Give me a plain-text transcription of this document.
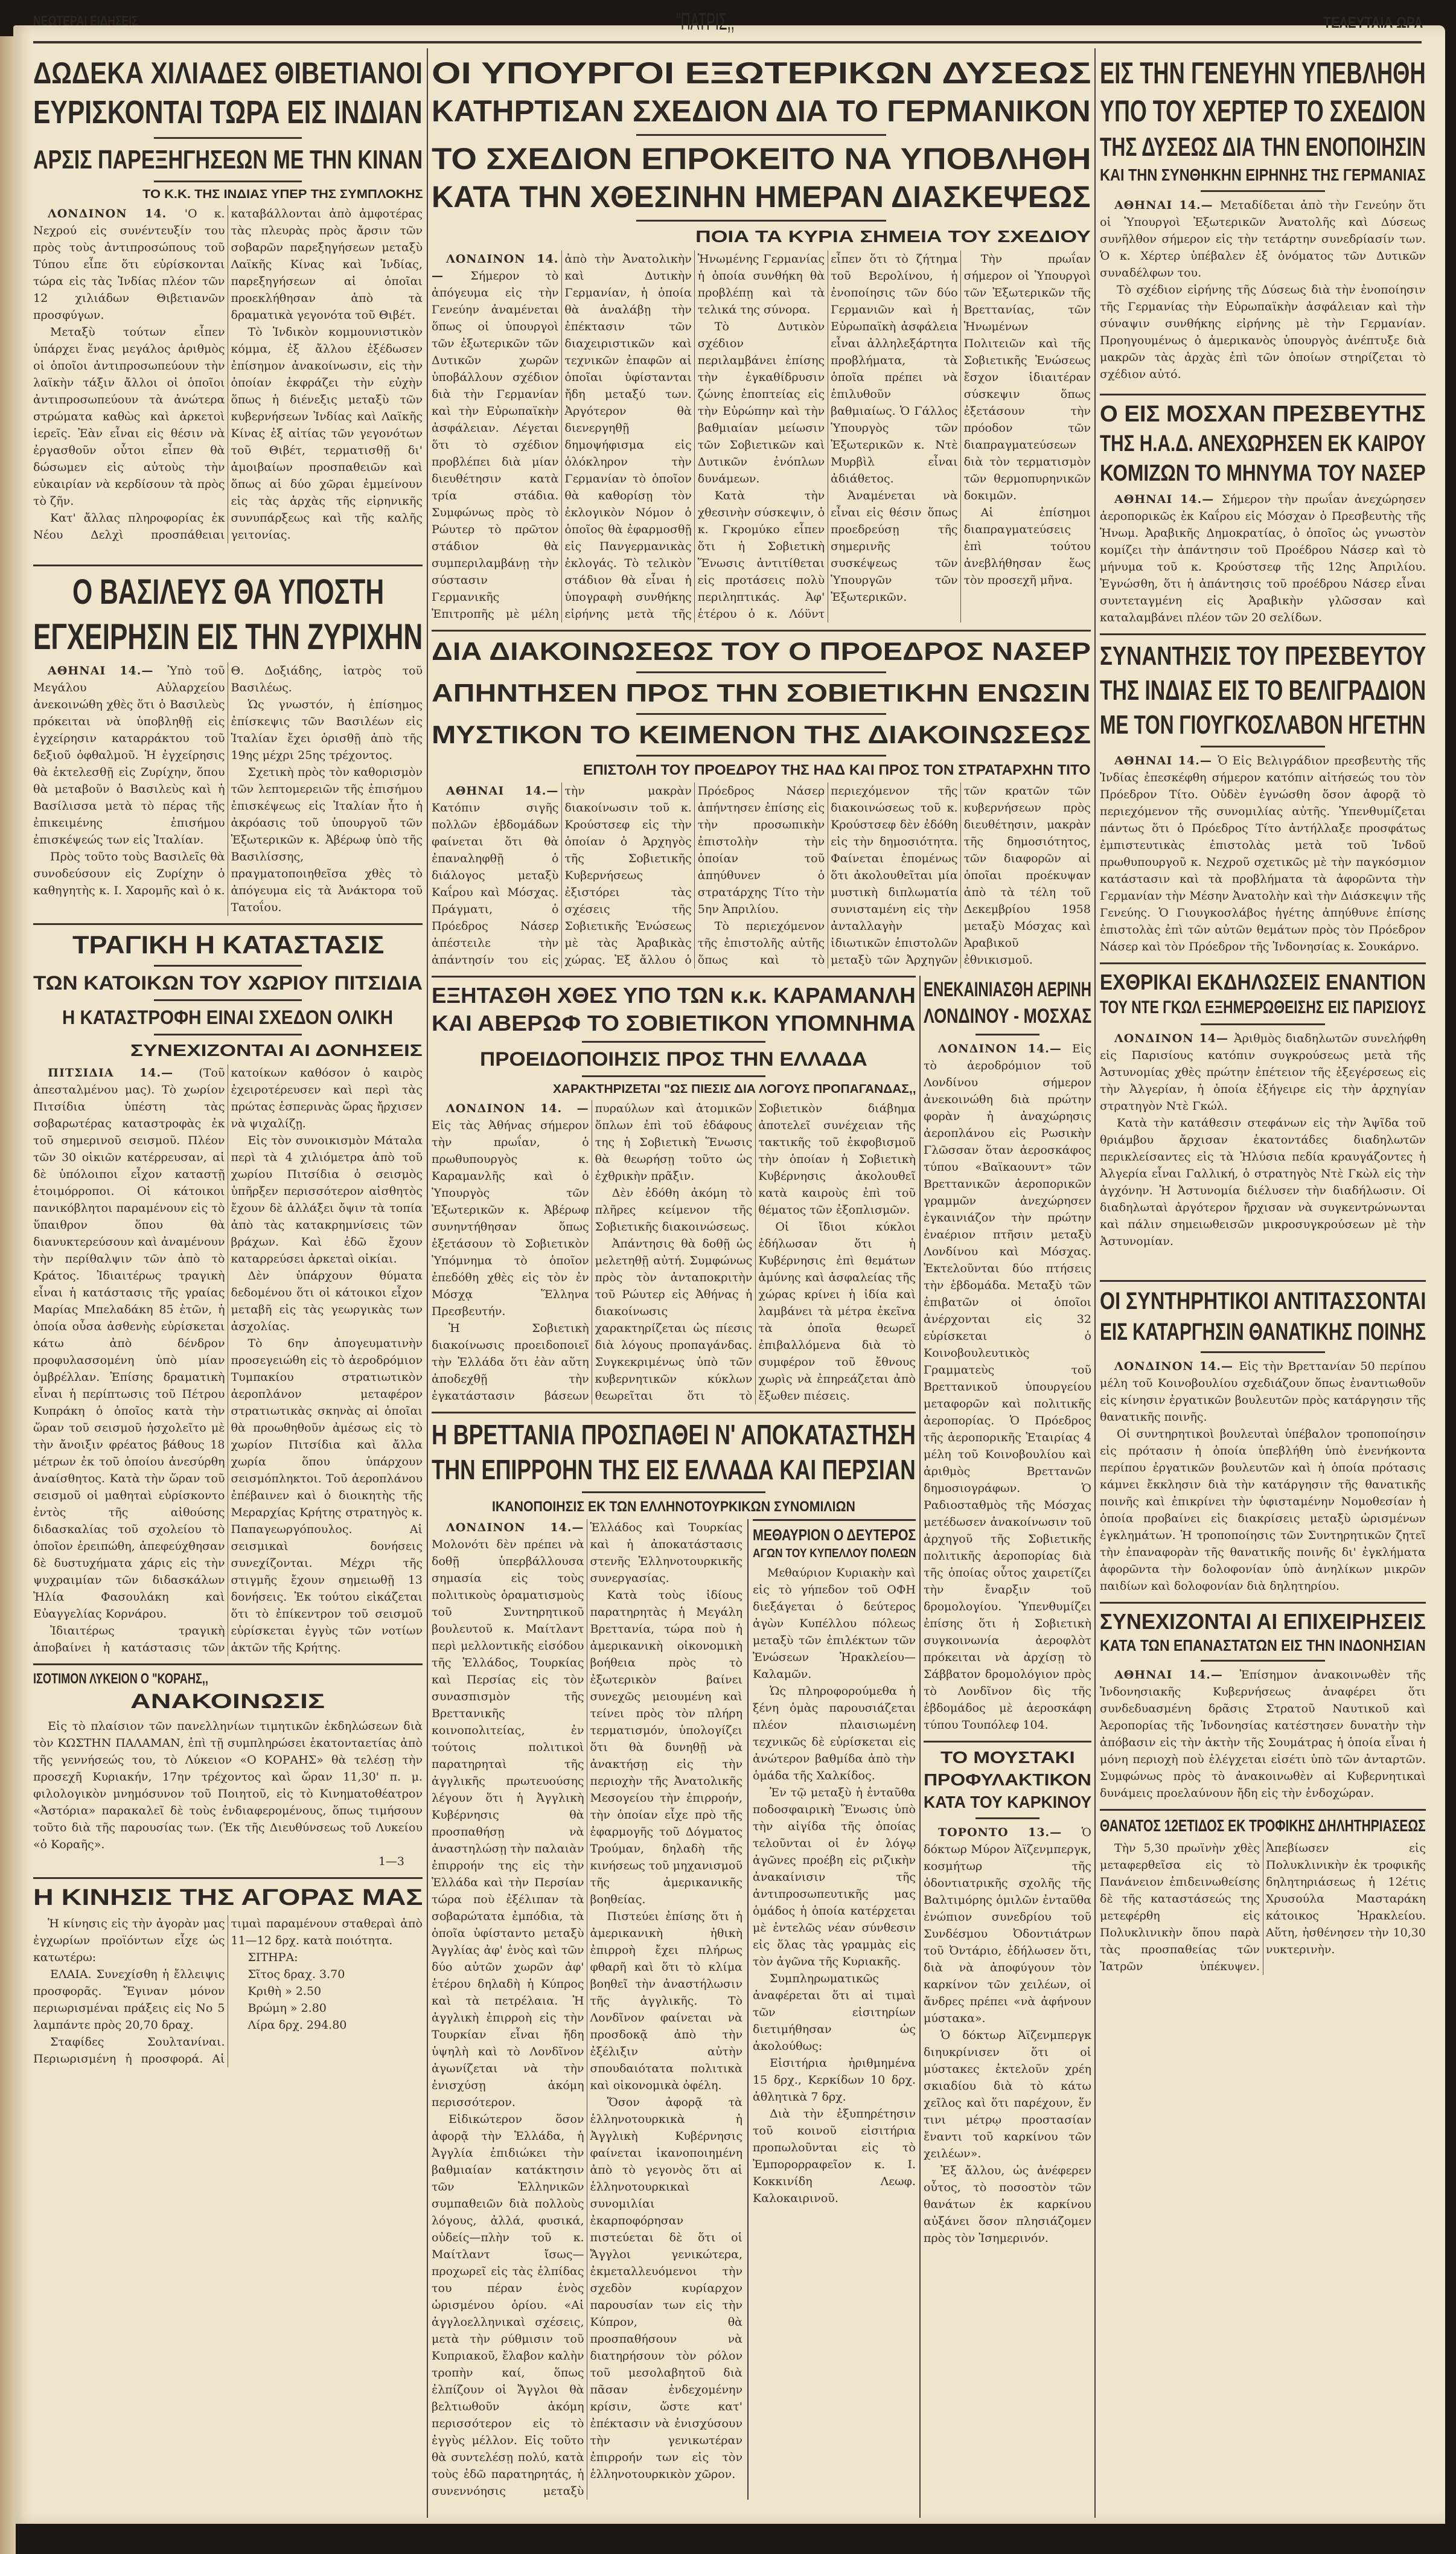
ΝΕΩΤΕΡΑΙ ΕΙΔΗΣΕΙΣ	"ΠΑΤΡΙΣ,,	ΤΕΛΕΥΤΑΙΑ ΩΡΑ
ΔΩΔΕΚΑ ΧΙΛΙΑΔΕΣ ΘΙΒΕΤΙΑΝΟΙ
ΕΥΡΙΣΚΟΝΤΑΙ ΤΩΡΑ ΕΙΣ ΙΝΔΙΑΝ
ΑΡΣΙΣ ΠΑΡΕΞΗΓΗΣΕΩΝ ΜΕ ΤΗΝ ΚΙΝΑΝ
ΤΟ Κ.Κ. ΤΗΣ ΙΝΔΙΑΣ ΥΠΕΡ ΤΗΣ ΣΥΜΠΛΟΚΗΣ

ΛΟΝΔΙΝΟΝ 14. 'Ο κ. Νεχρού εἰς συνέντευξίν του πρὸς τοὺς ἀντιπροσώπους τοῦ Τύπου εἶπε ὅτι εὑρίσκονται τώρα εἰς τὰς Ἰνδίας πλέον τῶν 12 χιλιάδων Θιβετιανῶν προσφύγων.

Μεταξὺ τούτων εἶπεν ὑπάρχει ἕνας μεγάλος ἀριθμὸς οἱ ὁποῖοι ἀντιπροσωπεύουν τὴν λαϊκὴν τάξιν ἄλλοι οἱ ὁποῖοι ἀντιπροσωπεύουν τὰ ἀνώτερα στρώματα καθὼς καὶ ἀρκετοὶ ἱερεῖς. Ἐὰν εἶναι εἰς θέσιν νὰ ἐργασθοῦν οὗτοι εἶπεν θὰ δώσωμεν εἰς αὐτοὺς τὴν εὐκαιρίαν νὰ κερδίσουν τὰ πρὸς τὸ ζῆν.

Κατ' ἄλλας πληροφορίας ἐκ Νέου Δελχὶ προσπάθειαι καταβάλλονται ἀπὸ ἀμφοτέρας τὰς πλευρὰς πρὸς ἄρσιν τῶν σοβαρῶν παρεξηγήσεων μεταξὺ Λαϊκῆς Κίνας καὶ Ἰνδίας, παρεξηγήσεων αἱ ὁποῖαι προεκλήθησαν ἀπὸ τὰ δραματικὰ γεγονότα τοῦ Θιβέτ.

Τὸ Ἰνδικὸν κομμουνιστικὸν κόμμα, ἐξ ἄλλου ἐξέδωσεν ἐπίσημον ἀνακοίνωσιν, εἰς τὴν ὁποίαν ἐκφράζει τὴν εὐχὴν ὅπως ἡ διένεξις μεταξὺ τῶν κυβερνήσεων Ἰνδίας καὶ Λαϊκῆς Κίνας ἐξ αἰτίας τῶν γεγονότων τοῦ Θιβέτ, τερματισθῇ δι' ἀμοιβαίων προσπαθειῶν καὶ ὅπως αἱ δύο χῶραι ἐμμείνουν εἰς τὰς ἀρχὰς τῆς εἰρηνικῆς συνυπάρξεως καὶ τῆς καλῆς γειτονίας.

Ο ΒΑΣΙΛΕΥΣ ΘΑ ΥΠΟΣΤΗ
ΕΓΧΕΙΡΗΣΙΝ ΕΙΣ ΤΗΝ ΖΥΡΙΧΗΝ

ΑΘΗΝΑΙ 14.— Ὑπὸ τοῦ Μεγάλου Αὐλαρχείου ἀνεκοινώθη χθὲς ὅτι ὁ Βασιλεὺς πρόκειται νὰ ὑποβληθῇ εἰς ἐγχείρησιν καταρράκτου τοῦ δεξιοῦ ὀφθαλμοῦ. Ἡ ἐγχείρησις θὰ ἐκτελεσθῇ εἰς Ζυρίχην, ὅπου θὰ μεταβοῦν ὁ Βασιλεὺς καὶ ἡ Βασίλισσα μετὰ τὸ πέρας τῆς ἐπικειμένης ἐπισήμου ἐπισκέψεώς των εἰς Ἰταλίαν.

Πρὸς τοῦτο τοὺς Βασιλεῖς θὰ συνοδεύσουν εἰς Ζυρίχην ὁ καθηγητὴς κ. Ι. Χαρομῆς καὶ ὁ κ. Θ. Δοξιάδης, ἰατρὸς τοῦ Βασιλέως.

Ὡς γνωστόν, ἡ ἐπίσημος ἐπίσκεψις τῶν Βασιλέων εἰς Ἰταλίαν ἔχει ὁρισθῇ ἀπὸ τῆς 19ης μέχρι 25ης τρέχοντος.

Σχετικὴ πρὸς τὸν καθορισμὸν τῶν λεπτομερειῶν τῆς ἐπισήμου ἐπισκέψεως εἰς Ἰταλίαν ἦτο ἡ ἀκρόασις τοῦ ὑπουργοῦ τῶν Ἐξωτερικῶν κ. Ἀβέρωφ ὑπὸ τῆς Βασιλίσσης, πραγματοποιηθεῖσα χθὲς τὸ ἀπόγευμα εἰς τὰ Ἀνάκτορα τοῦ Τατοΐου.

ΤΡΑΓΙΚΗ Η ΚΑΤΑΣΤΑΣΙΣ
ΤΩΝ ΚΑΤΟΙΚΩΝ ΤΟΥ ΧΩΡΙΟΥ ΠΙΤΣΙΔΙΑ
Η ΚΑΤΑΣΤΡΟΦΗ ΕΙΝΑΙ ΣΧΕΔΟΝ ΟΛΙΚΗ
ΣΥΝΕΧΙΖΟΝΤΑΙ ΑΙ ΔΟΝΗΣΕΙΣ

ΠΙΤΣΙΔΙΑ 14.— (Τοῦ ἀπεσταλμένου μας). Τὸ χωρίον Πιτσίδια ὑπέστη τὰς σοβαρωτέρας καταστροφὰς ἐκ τοῦ σημερινοῦ σεισμοῦ. Πλέον τῶν 30 οἰκιῶν κατέρρευσαν, αἱ δὲ ὑπόλοιποι εἶχον καταστῇ ἑτοιμόρροποι. Οἱ κάτοικοι πανικόβλητοι παραμένουν εἰς τὸ ὕπαιθρον ὅπου θὰ διανυκτερεύσουν καὶ ἀναμένουν τὴν περίθαλψιν τῶν ἀπὸ τὸ Κράτος. Ἰδιαιτέρως τραγικὴ εἶναι ἡ κατάστασις τῆς γραίας Μαρίας Μπελαδάκη 85 ἐτῶν, ἡ ὁποία οὖσα ἀσθενὴς εὑρίσκεται κάτω ἀπὸ δένδρον προφυλασσομένη ὑπὸ μίαν ὀμβρέλλαν. Ἐπίσης δραματικὴ εἶναι ἡ περίπτωσις τοῦ Πέτρου Κυπράκη ὁ ὁποῖος κατὰ τὴν ὥραν τοῦ σεισμοῦ ἠσχολεῖτο μὲ τὴν ἄνοιξιν φρέατος βάθους 18 μέτρων ἐκ τοῦ ὁποίου ἀνεσύρθη ἀναίσθητος. Κατὰ τὴν ὥραν τοῦ σεισμοῦ οἱ μαθηταὶ εὑρίσκοντο ἐντὸς τῆς αἰθούσης διδασκαλίας τοῦ σχολείου τὸ ὁποῖον ἐρειπώθη, ἀπεφεύχθησαν δὲ δυστυχήματα χάρις εἰς τὴν ψυχραιμίαν τῶν διδασκάλων Ἠλία Φασουλάκη καὶ Εὐαγγελίας Κορνάρου.

Ἰδιαιτέρως τραγικὴ ἀποβαίνει ἡ κατάστασις τῶν κατοίκων καθόσον ὁ καιρὸς ἐχειροτέρευσεν καὶ περὶ τὰς πρώτας ἑσπερινὰς ὥρας ἤρχισεν νὰ ψιχαλίζῃ.

Εἰς τὸν συνοικισμὸν Μάταλα περὶ τὰ 4 χιλιόμετρα ἀπὸ τοῦ χωρίου Πιτσίδια ὁ σεισμὸς ὑπῆρξεν περισσότερον αἰσθητὸς ἔχουν δὲ ἀλλάξει ὄψιν τὰ τοπία ἀπὸ τὰς κατακρημνίσεις τῶν βράχων. Καὶ ἐδῶ ἔχουν καταρρεύσει ἀρκεταὶ οἰκίαι.

Δὲν ὑπάρχουν θύματα δεδομένου ὅτι οἱ κάτοικοι εἶχον μεταβῆ εἰς τὰς γεωργικὰς των ἀσχολίας.

Τὸ 6ην ἀπογευματινὴν προσεγειώθη εἰς τὸ ἀεροδρόμιον Τυμπακίου στρατιωτικὸν ἀεροπλάνον μεταφέρον στρατιωτικὰς σκηνὰς αἱ ὁποῖαι θὰ προωθηθοῦν ἀμέσως εἰς τὸ χωρίον Πιτσίδια καὶ ἄλλα χωρία ὅπου ὑπάρχουν σεισμόπληκτοι. Τοῦ ἀεροπλάνου ἐπέβαινεν καὶ ὁ διοικητὴς τῆς Μεραρχίας Κρήτης στρατηγὸς κ. Παπαγεωργόπουλος. Αἱ σεισμικαὶ δονήσεις συνεχίζονται. Μέχρι τῆς στιγμῆς ἔχουν σημειωθῇ 13 δονήσεις. Ἐκ τούτου εἰκάζεται ὅτι τὸ ἐπίκεντρον τοῦ σεισμοῦ εὑρίσκεται ἐγγὺς τῶν νοτίων ἀκτῶν τῆς Κρήτης.

ΙΣΟΤΙΜΟΝ ΛΥΚΕΙΟΝ Ο "ΚΟΡΑΗΣ,,
ΑΝΑΚΟΙΝΩΣΙΣ

Εἰς τὸ πλαίσιον τῶν πανελληνίων τιμητικῶν ἐκδηλώσεων διὰ τὸν ΚΩΣΤΗΝ ΠΑΛΑΜΑΝ, ἐπὶ τῇ συμπληρώσει ἑκατονταετίας ἀπὸ τῆς γεννήσεώς του, τὸ Λύκειον «Ο ΚΟΡΑΗΣ» θὰ τελέσῃ τὴν προσεχῆ Κυριακήν, 17ην τρέχοντος καὶ ὥραν 11,30' π. μ. φιλολογικὸν μνημόσυνον τοῦ Ποιητοῦ, εἰς τὸ Κινηματοθέατρον «Ἀστόρια» παρακαλεῖ δὲ τοὺς ἐνδιαφερομένους, ὅπως τιμήσουν τοῦτο διὰ τῆς παρουσίας των. (Ἐκ τῆς Διευθύνσεως τοῦ Λυκείου «ὁ Κοραῆς».

1—3

Η ΚΙΝΗΣΙΣ ΤΗΣ ΑΓΟΡΑΣ ΜΑΣ

Ἡ κίνησις εἰς τὴν ἀγορὰν μας ἐγχωρίων προϊόντων εἶχε ὡς κατωτέρω:

ΕΛΑΙΑ. Συνεχίσθη ἡ ἔλλειψις προσφορᾶς. Ἔγιναν μόνον περιωρισμέναι πράξεις εἰς Νο 5 λαμπάντε πρὸς 20,70 δραχ.

Σταφίδες Σουλτανίναι. Περιωρισμένη ἡ προσφορά. Αἱ τιμαὶ παραμένουν σταθεραὶ ἀπὸ 11—12 δρχ. κατὰ ποιότητα.

ΣΙΤΗΡΑ:

Σῖτος δραχ. 3.70

Κριθὴ » 2.50

Βρώμη » 2.80

Λίρα δρχ. 294.80

ΟΙ ΥΠΟΥΡΓΟΙ ΕΞΩΤΕΡΙΚΩΝ ΔΥΣΕΩΣ
ΚΑΤΗΡΤΙΣΑΝ ΣΧΕΔΙΟΝ ΔΙΑ ΤΟ ΓΕΡΜΑΝΙΚΟΝ
ΤΟ ΣΧΕΔΙΟΝ ΕΠΡΟΚΕΙΤΟ ΝΑ ΥΠΟΒΛΗΘΗ
ΚΑΤΑ ΤΗΝ ΧΘΕΣΙΝΗΝ ΗΜΕΡΑΝ ΔΙΑΣΚΕΨΕΩΣ
ΠΟΙΑ ΤΑ ΚΥΡΙΑ ΣΗΜΕΙΑ ΤΟΥ ΣΧΕΔΙΟΥ

ΛΟΝΔΙΝΟΝ 14. — Σήμερον τὸ ἀπόγευμα εἰς τὴν Γενεύην ἀναμένεται ὅπως οἱ ὑπουργοὶ τῶν ἐξωτερικῶν τῶν Δυτικῶν χωρῶν ὑποβάλλουν σχέδιον διὰ τὴν Γερμανίαν καὶ τὴν Εὐρωπαϊκὴν ἀσφάλειαν. Λέγεται ὅτι τὸ σχέδιον προβλέπει διὰ μίαν διευθέτησιν κατὰ τρία στάδια. Συμφώνως πρὸς τὸ Ρώυτερ τὸ πρῶτον στάδιον θὰ συμπεριλαμβάνῃ τὴν σύστασιν Γερμανικῆς Ἐπιτροπῆς μὲ μέλη ἀπὸ τὴν Ἀνατολικὴν καὶ Δυτικὴν Γερμανίαν, ἡ ὁποία θὰ ἀναλάβῃ τὴν ἐπέκτασιν τῶν διαχειριστικῶν καὶ τεχνικῶν ἐπαφῶν αἱ ὁποῖαι ὑφίστανται ἤδη μεταξύ των. Ἀργότερον θὰ διενεργηθῇ δημοψήφισμα εἰς ὁλόκληρον τὴν Γερμανίαν τὸ ὁποῖον θὰ καθορίσῃ τὸν ἐκλογικὸν Νόμον ὁ ὁποῖος θὰ ἐφαρμοσθῇ εἰς Πανγερμανικὰς ἐκλογάς. Τὸ τελικὸν στάδιον θὰ εἶναι ἡ ὑπογραφὴ συνθήκης εἰρήνης μετὰ τῆς Ἡνωμένης Γερμανίας ἡ ὁποία συνθήκη θὰ προβλέπῃ καὶ τὰ τελικά της σύνορα.

Τὸ Δυτικὸν σχέδιον περιλαμβάνει ἐπίσης τὴν ἐγκαθίδρυσιν ζώνης ἐποπτείας εἰς τὴν Εὐρώπην καὶ τὴν βαθμιαίαν μείωσιν τῶν Σοβιετικῶν καὶ Δυτικῶν ἐνόπλων δυνάμεων.

Κατὰ τὴν χθεσινὴν σύσκεψιν, ὁ κ. Γκρομύκο εἶπεν ὅτι ἡ Σοβιετικὴ Ἕνωσις ἀντιτίθεται εἰς προτάσεις πολὺ περιληπτικάς. Ἀφ' ἑτέρου ὁ κ. Λόϋντ εἶπεν ὅτι τὸ ζήτημα τοῦ Βερολίνου, ἡ ἐνοποίησις τῶν δύο Γερμανιῶν καὶ ἡ Εὐρωπαϊκὴ ἀσφάλεια εἶναι ἀλληλεξάρτητα προβλήματα, τὰ ὁποῖα πρέπει νὰ ἐπιλυθοῦν βαθμιαίως. Ὁ Γάλλος Ὑπουργὸς τῶν Ἐξωτερικῶν κ. Ντὲ Μυρβὶλ εἶναι ἀδιάθετος.

Ἀναμένεται νὰ εἶναι εἰς θέσιν ὅπως προεδρεύσῃ τῆς σημερινῆς συσκέψεως τῶν Ὑπουργῶν τῶν Ἐξωτερικῶν.

Τὴν πρωΐαν σήμερον οἱ Ὑπουργοὶ τῶν Ἐξωτερικῶν τῆς Βρεττανίας, τῶν Ἡνωμένων Πολιτειῶν καὶ τῆς Σοβιετικῆς Ἑνώσεως ἔσχον ἰδιαιτέραν σύσκεψιν ὅπως ἐξετάσουν τὴν πρόοδον τῶν διαπραγματεύσεων διὰ τὸν τερματισμὸν τῶν θερμοπυρηνικῶν δοκιμῶν.

Αἱ ἐπίσημοι διαπραγματεύσεις ἐπὶ τούτου ἀνεβλήθησαν ἕως τὸν προσεχῆ μῆνα.

ΔΙΑ ΔΙΑΚΟΙΝΩΣΕΩΣ ΤΟΥ Ο ΠΡΟΕΔΡΟΣ ΝΑΣΕΡ
ΑΠΗΝΤΗΣΕΝ ΠΡΟΣ ΤΗΝ ΣΟΒΙΕΤΙΚΗΝ ΕΝΩΣΙΝ
ΜΥΣΤΙΚΟΝ ΤΟ ΚΕΙΜΕΝΟΝ ΤΗΣ ΔΙΑΚΟΙΝΩΣΕΩΣ
ΕΠΙΣΤΟΛΗ ΤΟΥ ΠΡΟΕΔΡΟΥ ΤΗΣ ΗΑΔ ΚΑΙ ΠΡΟΣ ΤΟΝ ΣΤΡΑΤΑΡΧΗΝ ΤΙΤΟ

ΑΘΗΝΑΙ 14.— Κατόπιν σιγῆς πολλῶν ἑβδομάδων φαίνεται ὅτι θὰ ἐπαναληφθῇ ὁ διάλογος μεταξὺ Καΐρου καὶ Μόσχας. Πράγματι, ὁ Πρόεδρος Νάσερ ἀπέστειλε τὴν ἀπάντησίν του εἰς τὴν μακρὰν διακοίνωσιν τοῦ κ. Κρούστσεφ εἰς τὴν ὁποίαν ὁ Ἀρχηγὸς τῆς Σοβιετικῆς Κυβερνήσεως ἐξιστόρει τὰς σχέσεις τῆς Σοβιετικῆς Ἑνώσεως μὲ τὰς Ἀραβικὰς χώρας. Ἐξ ἄλλου ὁ Πρόεδρος Νάσερ ἀπήντησεν ἐπίσης εἰς τὴν προσωπικὴν ἐπιστολὴν τὴν ὁποίαν τοῦ ἀπηύθυνεν ὁ στρατάρχης Τίτο τὴν 5ην Ἀπριλίου.

Τὸ περιεχόμενον τῆς ἐπιστολῆς αὐτῆς ὅπως καὶ τὸ περιεχόμενον τῆς διακοινώσεως τοῦ κ. Κρούστσεφ δὲν ἐδόθη εἰς τὴν δημοσιότητα. Φαίνεται ἐπομένως ὅτι ἀκολουθεῖται μία μυστικὴ διπλωματία συνισταμένη εἰς τὴν ἀνταλλαγὴν ἰδιωτικῶν ἐπιστολῶν μεταξὺ τῶν Ἀρχηγῶν τῶν κρατῶν τῶν κυβερνήσεων πρὸς διευθέτησιν, μακρὰν τῆς δημοσιότητος, τῶν διαφορῶν αἱ ὁποῖαι προέκυψαν ἀπὸ τὰ τέλη τοῦ Δεκεμβρίου 1958 μεταξὺ Μόσχας καὶ Ἀραβικοῦ ἐθνικισμοῦ.

ΕΞΗΤΑΣΘΗ ΧΘΕΣ ΥΠΟ ΤΩΝ κ.κ. ΚΑΡΑΜΑΝΛΗ
ΚΑΙ ΑΒΕΡΩΦ ΤΟ ΣΟΒΙΕΤΙΚΟΝ ΥΠΟΜΝΗΜΑ
ΠΡΟΕΙΔΟΠΟΙΗΣΙΣ ΠΡΟΣ ΤΗΝ ΕΛΛΑΔΑ
ΧΑΡΑΚΤΗΡΙΖΕΤΑΙ "ΩΣ ΠΙΕΣΙΣ ΔΙΑ ΛΟΓΟΥΣ ΠΡΟΠΑΓΑΝΔΑΣ,,

ΛΟΝΔΙΝΟΝ 14. — Εἰς τὰς Ἀθήνας σήμερον τὴν πρωΐαν, ὁ πρωθυπουργὸς κ. Καραμανλῆς καὶ ὁ Ὑπουργὸς τῶν Ἐξωτερικῶν κ. Ἀβέρωφ συνηντήθησαν ὅπως ἐξετάσουν τὸ Σοβιετικὸν Ὑπόμνημα τὸ ὁποῖον ἐπεδόθη χθὲς εἰς τὸν ἐν Μόσχᾳ Ἕλληνα Πρεσβευτήν.

Ἡ Σοβιετικὴ διακοίνωσις προειδοποιεῖ τὴν Ἑλλάδα ὅτι ἐὰν αὕτη ἀποδεχθῇ τὴν ἐγκατάστασιν βάσεων πυραύλων καὶ ἀτομικῶν ὅπλων ἐπὶ τοῦ ἐδάφους της ἡ Σοβιετικὴ Ἕνωσις θὰ θεωρήσῃ τοῦτο ὡς ἐχθρικὴν πρᾶξιν.

Δὲν ἐδόθη ἀκόμη τὸ πλῆρες κείμενον τῆς Σοβιετικῆς διακοινώσεως.

Ἀπάντησις θὰ δοθῇ ὡς μελετηθῇ αὐτή. Συμφώνως πρὸς τὸν ἀνταποκριτὴν τοῦ Ρώυτερ εἰς Ἀθήνας ἡ διακοίνωσις χαρακτηρίζεται ὡς πίεσις διὰ λόγους προπαγάνδας. Συγκεκριμένως ὑπὸ τῶν κυβερνητικῶν κύκλων θεωρεῖται ὅτι τὸ Σοβιετικὸν διάβημα ἀποτελεῖ συνέχειαν τῆς τακτικῆς τοῦ ἐκφοβισμοῦ τὴν ὁποίαν ἡ Σοβιετικὴ Κυβέρνησις ἀκολουθεῖ κατὰ καιροὺς ἐπὶ τοῦ θέματος τῶν ἐξοπλισμῶν.

Οἱ ἴδιοι κύκλοι ἐδήλωσαν ὅτι ἡ Κυβέρνησις ἐπὶ θεμάτων ἀμύνης καὶ ἀσφαλείας τῆς χώρας κρίνει ἡ ἰδία καὶ λαμβάνει τὰ μέτρα ἐκεῖνα τὰ ὁποῖα θεωρεῖ ἐπιβαλλόμενα διὰ τὸ συμφέρον τοῦ ἔθνους χωρὶς νὰ ἐπηρεάζεται ἀπὸ ἔξωθεν πιέσεις.

Η ΒΡΕΤΤΑΝΙΑ ΠΡΟΣΠΑΘΕΙ Ν' ΑΠΟΚΑΤΑΣΤΗΣΗ
ΤΗΝ ΕΠΙΡΡΟΗΝ ΤΗΣ ΕΙΣ ΕΛΛΑΔΑ ΚΑΙ ΠΕΡΣΙΑΝ
ΙΚΑΝΟΠΟΙΗΣΙΣ ΕΚ ΤΩΝ ΕΛΛΗΝΟΤΟΥΡΚΙΚΩΝ ΣΥΝΟΜΙΛΙΩΝ

ΛΟΝΔΙΝΟΝ 14.— Μολονότι δὲν πρέπει νὰ δοθῇ ὑπερβάλλουσα σημασία εἰς τοὺς πολιτικοὺς ὁραματισμοὺς τοῦ Συντηρητικοῦ βουλευτοῦ κ. Μαίτλαντ περὶ μελλοντικῆς εἰσόδου τῆς Ἑλλάδος, Τουρκίας καὶ Περσίας εἰς τὸν συνασπισμὸν τῆς Βρεττανικῆς κοινοπολιτείας, ἐν τούτοις πολιτικοὶ παρατηρηταὶ τῆς ἀγγλικῆς πρωτευούσης λέγουν ὅτι ἡ Ἀγγλικὴ Κυβέρνησις θὰ προσπαθήσῃ νὰ ἀναστηλώσῃ τὴν παλαιὰν ἐπιρροήν της εἰς τὴν Ἑλλάδα καὶ τὴν Περσίαν τώρα ποὺ ἐξέλιπαν τὰ σοβαρώτατα ἐμπόδια, τὰ ὁποῖα ὑφίσταντο μεταξὺ Ἀγγλίας ἀφ' ἑνὸς καὶ τῶν δύο αὐτῶν χωρῶν ἀφ' ἑτέρου δηλαδὴ ἡ Κύπρος καὶ τὰ πετρέλαια. Ἡ ἀγγλικὴ ἐπιρροὴ εἰς τὴν Τουρκίαν εἶναι ἤδη ὑψηλὴ καὶ τὸ Λονδῖνον ἀγωνίζεται νὰ τὴν ἐνισχύσῃ ἀκόμη περισσότερον.

Εἰδικώτερον ὅσον ἀφορᾷ τὴν Ἑλλάδα, ἡ Ἀγγλία ἐπιδιώκει τὴν βαθμιαίαν κατάκτησιν τῶν Ἑλληνικῶν συμπαθειῶν διὰ πολλοὺς λόγους, ἀλλά, φυσικά, οὐδείς—πλὴν τοῦ κ. Μαίτλαντ ἴσως—προχωρεῖ εἰς τὰς ἐλπίδας του πέραν ἑνὸς ὡρισμένου ὁρίου. «Αἱ ἀγγλοελληνικαὶ σχέσεις, μετὰ τὴν ρύθμισιν τοῦ Κυπριακοῦ, ἔλαβον καλὴν τροπὴν καί, ὅπως ἐλπίζουν οἱ Ἄγγλοι θὰ βελτιωθοῦν ἀκόμη περισσότερον εἰς τὸ ἐγγὺς μέλλον. Εἰς τοῦτο θὰ συντελέσῃ πολύ, κατὰ τοὺς ἐδῶ παρατηρητάς, ἡ συνεννόησις μεταξὺ Ἑλλάδος καὶ Τουρκίας καὶ ἡ ἀποκατάστασις στενῆς Ἑλληνοτουρκικῆς συνεργασίας.

Κατὰ τοὺς ἰδίους παρατηρητὰς ἡ Μεγάλη Βρεττανία, τώρα ποὺ ἡ ἀμερικανικὴ οἰκονομικὴ βοήθεια πρὸς τὸ ἐξωτερικὸν βαίνει συνεχῶς μειουμένη καὶ τείνει πρὸς τὸν πλήρη τερματισμόν, ὑπολογίζει ὅτι θὰ δυνηθῇ νὰ ἀνακτήσῃ εἰς τὴν περιοχὴν τῆς Ἀνατολικῆς Μεσογείου τὴν ἐπιρροήν, τὴν ὁποίαν εἶχε πρὸ τῆς ἐφαρμογῆς τοῦ Δόγματος Τρούμαν, δηλαδὴ τῆς κινήσεως τοῦ μηχανισμοῦ τῆς ἀμερικανικῆς βοηθείας.

Πιστεύει ἐπίσης ὅτι ἡ ἀμερικανικὴ ἠθικὴ ἐπιρροὴ ἔχει πλήρως φθαρῆ καὶ ὅτι τὸ κλίμα βοηθεῖ τὴν ἀναστήλωσιν τῆς ἀγγλικῆς. Τὸ Λονδῖνον φαίνεται νὰ προσδοκᾷ ἀπὸ τὴν ἐξέλιξιν αὐτὴν σπουδαιότατα πολιτικὰ καὶ οἰκονομικὰ ὀφέλη.

Ὅσον ἀφορᾷ τὰ ἑλληνοτουρκικὰ ἡ Ἀγγλικὴ Κυβέρνησις φαίνεται ἱκανοποιημένη ἀπὸ τὸ γεγονὸς ὅτι αἱ ἑλληνοτουρκικαὶ συνομιλίαι ἐκαρποφόρησαν πιστεύεται δὲ ὅτι οἱ Ἄγγλοι γενικώτερα, ἐκμεταλλευόμενοι τὴν σχεδὸν κυρίαρχον παρουσίαν των εἰς τὴν Κύπρον, θὰ προσπαθήσουν νὰ διατηρήσουν τὸν ρόλον τοῦ μεσολαβητοῦ διὰ πᾶσαν ἐνδεχομένην κρίσιν, ὥστε κατ' ἐπέκτασιν νὰ ἐνισχύσουν τὴν γενικωτέραν ἐπιρροήν των εἰς τὸν ἑλληνοτουρκικὸν χῶρον.

ΜΕΘΑΥΡΙΟΝ Ο ΔΕΥΤΕΡΟΣ
ΑΓΩΝ ΤΟΥ ΚΥΠΕΛΛΟΥ ΠΟΛΕΩΝ

Μεθαύριον Κυριακὴν καὶ εἰς τὸ γήπεδον τοῦ ΟΦΗ διεξάγεται ὁ δεύτερος ἀγὼν Κυπέλλου πόλεως μεταξὺ τῶν ἐπιλέκτων τῶν Ἑνώσεων Ἡρακλείου—Καλαμῶν.

Ὡς πληροφορούμεθα ἡ ξένη ὁμὰς παρουσιάζεται πλέον πλαισιωμένη τεχνικῶς δὲ εὑρίσκεται εἰς ἀνώτερον βαθμίδα ἀπὸ τὴν ὁμάδα τῆς Χαλκίδος.

Ἐν τῷ μεταξὺ ἡ ἐνταῦθα ποδοσφαιρικὴ Ἕνωσις ὑπὸ τὴν αἰγίδα τῆς ὁποίας τελοῦνται οἱ ἐν λόγῳ ἀγῶνες προέβη εἰς ριζικὴν ἀνακαίνισιν τῆς ἀντιπροσωπευτικῆς μας ὁμάδος ἡ ὁποία κατέρχεται μὲ ἐντελῶς νέαν σύνθεσιν εἰς ὅλας τὰς γραμμὰς εἰς τὸν ἀγῶνα τῆς Κυριακῆς.

Συμπληρωματικῶς ἀναφέρεται ὅτι αἱ τιμαὶ τῶν εἰσιτηρίων διετιμήθησαν ὡς ἀκολούθως:

Εἰσιτήρια ἠριθμημένα 15 δρχ., Κερκίδων 10 δρχ. ἀθλητικὰ 7 δρχ.

Διὰ τὴν ἐξυπηρέτησιν τοῦ κοινοῦ εἰσιτήρια προπωλοῦνται εἰς τὸ Ἐμπορορραφεῖον κ. Ι. Κοκκινίδη Λεωφ. Καλοκαιρινοῦ.

ΕΝΕΚΑΙΝΙΑΣΘΗ ΑΕΡΙΝΗ
ΛΟΝΔΙΝΟΥ - ΜΟΣΧΑΣ

ΛΟΝΔΙΝΟΝ 14.— Εἰς τὸ ἀεροδρόμιον τοῦ Λονδίνου σήμερον ἀνεκοινώθη διὰ πρώτην φορὰν ἡ ἀναχώρησις ἀεροπλάνου εἰς Ρωσικὴν Γλῶσσαν ὅταν ἀεροσκάφος τύπου «Βαϊκαουντ» τῶν Βρεττανικῶν ἀεροπορικῶν γραμμῶν ἀνεχώρησεν ἐγκαινιάζον τὴν πρώτην ἐναέριον πτῆσιν μεταξὺ Λονδίνου καὶ Μόσχας. Ἐκτελοῦνται δύο πτήσεις τὴν ἑβδομάδα. Μεταξὺ τῶν ἐπιβατῶν οἱ ὁποῖοι ἀνέρχονται εἰς 32 εὑρίσκεται ὁ Κοινοβουλευτικὸς Γραμματεὺς τοῦ Βρεττανικοῦ ὑπουργείου μεταφορῶν καὶ πολιτικῆς ἀεροπορίας. Ὁ Πρόεδρος τῆς ἀεροπορικῆς Ἑταιρίας 4 μέλη τοῦ Κοινοβουλίου καὶ ἀριθμὸς Βρεττανῶν δημοσιογράφων. Ὁ Ραδιοσταθμὸς τῆς Μόσχας μετέδωσεν ἀνακοίνωσιν τοῦ ἀρχηγοῦ τῆς Σοβιετικῆς πολιτικῆς ἀεροπορίας διὰ τῆς ὁποίας οὗτος χαιρετίζει τὴν ἔναρξιν τοῦ δρομολογίου. Ὑπενθυμίζει ἐπίσης ὅτι ἡ Σοβιετικὴ συγκοινωνία ἀεροφλὸτ πρόκειται νὰ ἀρχίσῃ τὸ Σάββατον δρομολόγιον πρὸς τὸ Λονδῖνον δὶς τῆς ἑβδομάδος μὲ ἀεροσκάφη τύπου Τουπόλεφ 104.

ΤΟ ΜΟΥΣΤΑΚΙ
ΠΡΟΦΥΛΑΚΤΙΚΟΝ
ΚΑΤΑ ΤΟΥ ΚΑΡΚΙΝΟΥ

ΤΟΡΟΝΤΟ 13.— Ὁ δόκτωρ Μύρον Ἀϊζενμπεργκ, κοσμήτωρ τῆς ὀδοντιατρικῆς σχολῆς τῆς Βαλτιμόρης ὁμιλῶν ἐνταῦθα ἐνώπιον συνεδρίου τοῦ Συνδέσμου Ὀδοντιάτρων τοῦ Ὀντάριο, ἐδήλωσεν ὅτι, διὰ νὰ ἀποφύγουν τὸν καρκίνον τῶν χειλέων, οἱ ἄνδρες πρέπει «νὰ ἀφήνουν μύστακα».

Ὁ δόκτωρ Ἀϊζενμπεργκ διηυκρίνισεν ὅτι οἱ μύστακες ἐκτελοῦν χρέη σκιαδίου διὰ τὸ κάτω χεῖλος καὶ ὅτι παρέχουν, ἕν τινι μέτρῳ προστασίαν ἔναντι τοῦ καρκίνου τῶν χειλέων».

Ἐξ ἄλλου, ὡς ἀνέφερεν οὗτος, τὸ ποσοστὸν τῶν θανάτων ἐκ καρκίνου αὐξάνει ὅσον πλησιάζομεν πρὸς τὸν Ἰσημερινόν.

ΕΙΣ ΤΗΝ ΓΕΝΕΥΗΝ ΥΠΕΒΛΗΘΗ
ΥΠΟ ΤΟΥ ΧΕΡΤΕΡ ΤΟ ΣΧΕΔΙΟΝ
ΤΗΣ ΔΥΣΕΩΣ ΔΙΑ ΤΗΝ ΕΝΟΠΟΙΗΣΙΝ
ΚΑΙ ΤΗΝ ΣΥΝΘΗΚΗΝ ΕΙΡΗΝΗΣ ΤΗΣ ΓΕΡΜΑΝΙΑΣ

ΑΘΗΝΑΙ 14.— Μεταδίδεται ἀπὸ τὴν Γενεύην ὅτι οἱ Ὑπουργοὶ Ἐξωτερικῶν Ἀνατολῆς καὶ Δύσεως συνῆλθον σήμερον εἰς τὴν τετάρτην συνεδρίασίν των. Ὁ κ. Χέρτερ ὑπέβαλεν ἐξ ὀνόματος τῶν Δυτικῶν συναδέλφων του.

Τὸ σχέδιον εἰρήνης τῆς Δύσεως διὰ τὴν ἐνοποίησιν τῆς Γερμανίας τὴν Εὐρωπαϊκὴν ἀσφάλειαν καὶ τὴν σύναψιν συνθήκης εἰρήνης μὲ τὴν Γερμανίαν. Προηγουμένως ὁ ἀμερικανὸς ὑπουργὸς ἀνέπτυξε διὰ μακρῶν τὰς ἀρχὰς ἐπὶ τῶν ὁποίων στηρίζεται τὸ σχέδιον αὐτό.

Ο ΕΙΣ ΜΟΣΧΑΝ ΠΡΕΣΒΕΥΤΗΣ
ΤΗΣ Η.Α.Δ. ΑΝΕΧΩΡΗΣΕΝ ΕΚ ΚΑΙΡΟΥ
ΚΟΜΙΖΩΝ ΤΟ ΜΗΝΥΜΑ ΤΟΥ ΝΑΣΕΡ

ΑΘΗΝΑΙ 14.— Σήμερον τὴν πρωΐαν ἀνεχώρησεν ἀεροπορικῶς ἐκ Καΐρου εἰς Μόσχαν ὁ Πρεσβευτὴς τῆς Ἡνωμ. Ἀραβικῆς Δημοκρατίας, ὁ ὁποῖος ὡς γνωστὸν κομίζει τὴν ἀπάντησιν τοῦ Προέδρου Νάσερ καὶ τὸ μήνυμα τοῦ κ. Κρούστσεφ τῆς 12ης Ἀπριλίου. Ἐγνώσθη, ὅτι ἡ ἀπάντησις τοῦ προέδρου Νάσερ εἶναι συντεταγμένη εἰς Ἀραβικὴν γλῶσσαν καὶ καταλαμβάνει πλέον τῶν 20 σελίδων.

ΣΥΝΑΝΤΗΣΙΣ ΤΟΥ ΠΡΕΣΒΕΥΤΟΥ
ΤΗΣ ΙΝΔΙΑΣ ΕΙΣ ΤΟ ΒΕΛΙΓΡΑΔΙΟΝ
ΜΕ ΤΟΝ ΓΙΟΥΓΚΟΣΛΑΒΟΝ ΗΓΕΤΗΝ

ΑΘΗΝΑΙ 14.— Ὁ Εἰς Βελιγράδιον πρεσβευτὴς τῆς Ἰνδίας ἐπεσκέφθη σήμερον κατόπιν αἰτήσεώς του τὸν Πρόεδρον Τίτο. Οὐδὲν ἐγνώσθη ὅσον ἀφορᾷ τὸ περιεχόμενον τῆς συνομιλίας αὐτῆς. Ὑπενθυμίζεται πάντως ὅτι ὁ Πρόεδρος Τίτο ἀντήλλαξε προσφάτως ἐμπιστευτικὰς ἐπιστολὰς μετὰ τοῦ Ἰνδοῦ πρωθυπουργοῦ κ. Νεχροῦ σχετικῶς μὲ τὴν παγκόσμιον κατάστασιν καὶ τὰ προβλήματα τὰ ἀφορῶντα τὴν Γερμανίαν τὴν Μέσην Ἀνατολὴν καὶ τὴν Διάσκεψιν τῆς Γενεύης. Ὁ Γιουγκοσλάβος ἡγέτης ἀπηύθυνε ἐπίσης ἐπιστολὰς ἐπὶ τῶν αὐτῶν θεμάτων πρὸς τὸν Πρόεδρον Νάσερ καὶ τὸν Πρόεδρον τῆς Ἰνδονησίας κ. Σουκάρνο.

ΕΧΘΡΙΚΑΙ ΕΚΔΗΛΩΣΕΙΣ ΕΝΑΝΤΙΟΝ
ΤΟΥ ΝΤΕ ΓΚΩΛ ΕΞΗΜΕΡΩΘΕΙΣΗΣ ΕΙΣ ΠΑΡΙΣΙΟΥΣ

ΛΟΝΔΙΝΟΝ 14— Ἀριθμὸς διαδηλωτῶν συνελήφθη εἰς Παρισίους κατόπιν συγκρούσεως μετὰ τῆς Ἀστυνομίας χθὲς πρώτην ἐπέτειον τῆς ἐξεγέρσεως εἰς τὴν Ἀλγερίαν, ἡ ὁποία ἐξήγειρε εἰς τὴν ἀρχηγίαν στρατηγὸν Ντὲ Γκώλ.

Κατὰ τὴν κατάθεσιν στεφάνων εἰς τὴν Ἁψῖδα τοῦ θριάμβου ἄρχισαν ἑκατοντάδες διαδηλωτῶν περικλείσαντες εἰς τὰ Ἠλύσια πεδία κραυγάζοντες ἡ Ἀλγερία εἶναι Γαλλική, ὁ στρατηγὸς Ντὲ Γκὼλ εἰς τὴν ἀγχόνην. Ἡ Ἀστυνομία διέλυσεν τὴν διαδήλωσιν. Οἱ διαδηλωταὶ ἀργότερον ἤρχισαν νὰ συγκεντρώνωνται καὶ πάλιν σημειωθεισῶν μικροσυγκρούσεων μὲ τὴν Ἀστυνομίαν.

ΟΙ ΣΥΝΤΗΡΗΤΙΚΟΙ ΑΝΤΙΤΑΣΣΟΝΤΑΙ
ΕΙΣ ΚΑΤΑΡΓΗΣΙΝ ΘΑΝΑΤΙΚΗΣ ΠΟΙΝΗΣ

ΛΟΝΔΙΝΟΝ 14.— Εἰς τὴν Βρεττανίαν 50 περίπου μέλη τοῦ Κοινοβουλίου σχεδιάζουν ὅπως ἐναντιωθοῦν εἰς κίνησιν ἐργατικῶν βουλευτῶν πρὸς κατάργησιν τῆς θανατικῆς ποινῆς.

Οἱ συντηρητικοὶ βουλευταὶ ὑπέβαλον τροποποίησιν εἰς πρότασιν ἡ ὁποία ὑπεβλήθη ὑπὸ ἐνενήκοντα περίπου ἐργατικῶν βουλευτῶν καὶ ἡ ὁποία πρότασις κάμνει ἔκκλησιν διὰ τὴν κατάργησιν τῆς θανατικῆς ποινῆς καὶ ἐπικρίνει τὴν ὑφισταμένην Νομοθεσίαν ἡ ὁποία προβαίνει εἰς διακρίσεις μεταξὺ ὡρισμένων ἐγκλημάτων. Ἡ τροποποίησις τῶν Συντηρητικῶν ζητεῖ τὴν ἐπαναφορὰν τῆς θανατικῆς ποινῆς δι' ἐγκλήματα ἀφορῶντα τὴν δολοφονίαν ὑπὸ ἀνηλίκων μικρῶν παιδίων καὶ δολοφονίαν διὰ δηλητηρίου.

ΣΥΝΕΧΙΖΟΝΤΑΙ ΑΙ ΕΠΙΧΕΙΡΗΣΕΙΣ
ΚΑΤΑ ΤΩΝ ΕΠΑΝΑΣΤΑΤΩΝ ΕΙΣ ΤΗΝ ΙΝΔΟΝΗΣΙΑΝ

ΑΘΗΝΑΙ 14.— Ἐπίσημον ἀνακοινωθὲν τῆς Ἰνδονησιακῆς Κυβερνήσεως ἀναφέρει ὅτι συνδεδυασμένη δρᾶσις Στρατοῦ Ναυτικοῦ καὶ Ἀεροπορίας τῆς Ἰνδονησίας κατέστησεν δυνατὴν τὴν ἀπόβασιν εἰς τὴν ἀκτὴν τῆς Σουμάτρας ἡ ὁποία εἶναι ἡ μόνη περιοχὴ ποὺ ἐλέγχεται εἰσέτι ὑπὸ τῶν ἀνταρτῶν. Συμφώνως πρὸς τὸ ἀνακοινωθὲν αἱ Κυβερνητικαὶ δυνάμεις προελαύνουν ἤδη εἰς τὴν ἐνδοχώραν.

ΘΑΝΑΤΟΣ 12ΕΤΙΔΟΣ ΕΚ ΤΡΟΦΙΚΗΣ ΔΗΛΗΤΗΡΙΑΣΕΩΣ

Τὴν 5,30 πρωϊνὴν χθὲς μεταφερθεῖσα εἰς τὸ Πανάνειον ἐπιδεινωθείσης δὲ τῆς καταστάσεώς της μετεφέρθη εἰς Πολυκλινικὴν ὅπου παρὰ τὰς προσπαθείας τῶν Ἰατρῶν ὑπέκυψεν. Ἀπεβίωσεν εἰς Πολυκλινικὴν ἐκ τροφικῆς δηλητηριάσεως ἡ 12έτις Χρυσούλα Μασταράκη κάτοικος Ἡρακλείου. Αὕτη, ἠσθένησεν τὴν 10,30 νυκτερινὴν.
